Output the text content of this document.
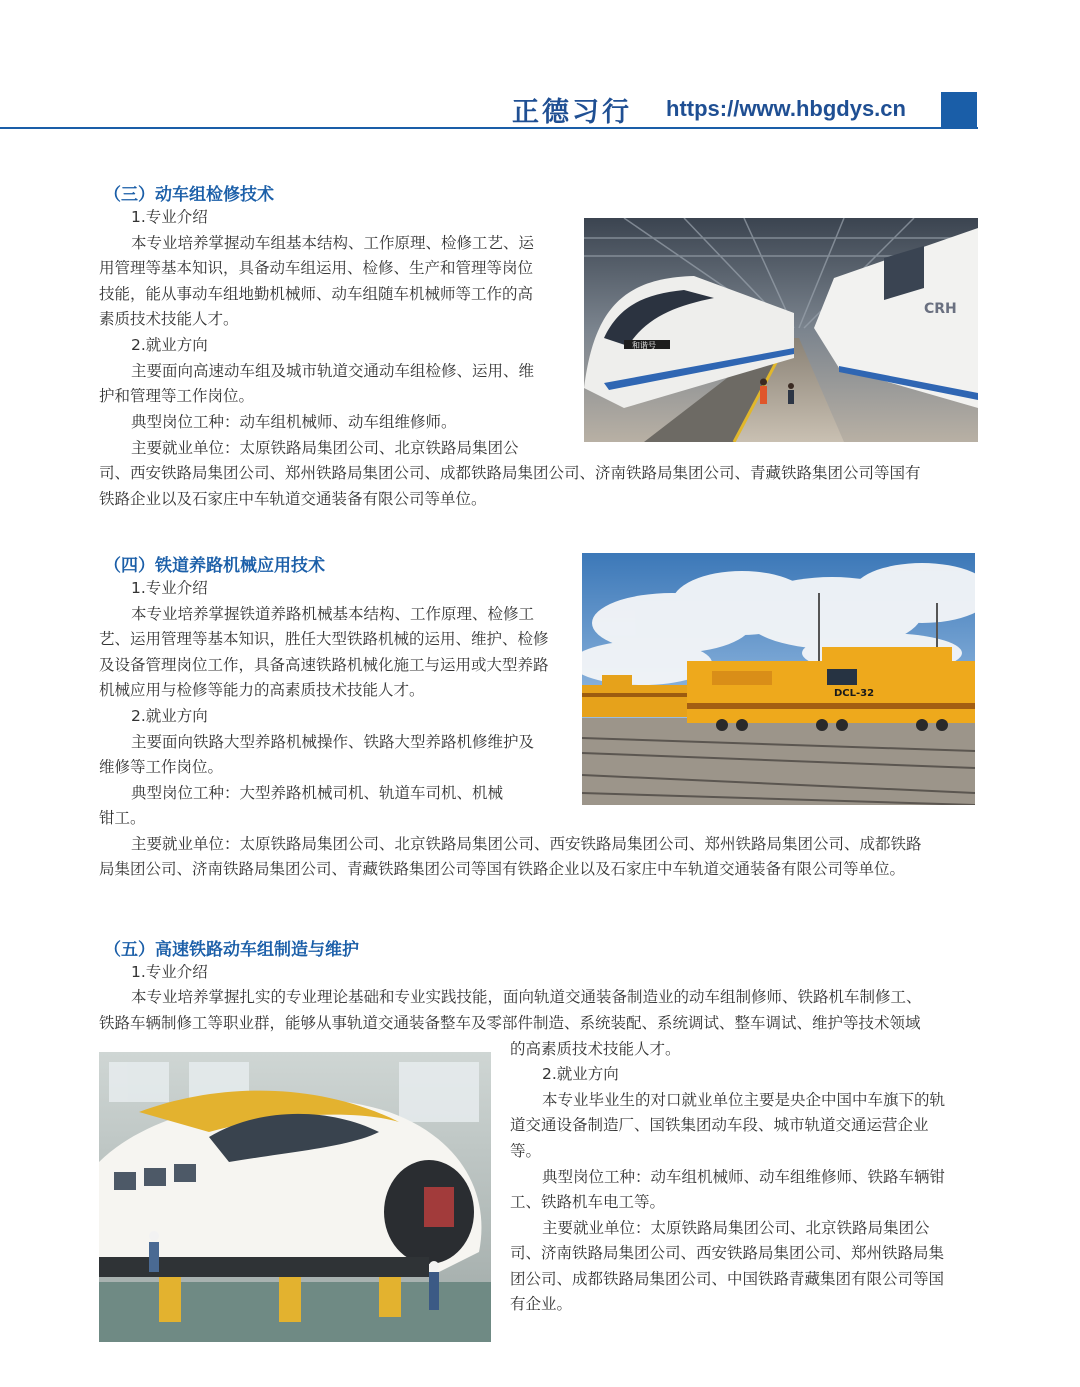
正德习行 https://www.hbgdys.cn
（三）动车组检修技术
1.专业介绍
本专业培养掌握动车组基本结构、工作原理、检修工艺、运
用管理等基本知识，具备动车组运用、检修、生产和管理等岗位
技能，能从事动车组地勤机械师、动车组随车机械师等工作的高
素质技术技能人才。
2.就业方向
主要面向高速动车组及城市轨道交通动车组检修、运用、维
护和管理等工作岗位。
典型岗位工种：动车组机械师、动车组维修师。
主要就业单位：太原铁路局集团公司、北京铁路局集团公
司、西安铁路局集团公司、郑州铁路局集团公司、成都铁路局集团公司、济南铁路局集团公司、青藏铁路集团公司等国有
铁路企业以及石家庄中车轨道交通装备有限公司等单位。
和谐号
CRH
（四）铁道养路机械应用技术
1.专业介绍
本专业培养掌握铁道养路机械基本结构、工作原理、检修工
艺、运用管理等基本知识，胜任大型铁路机械的运用、维护、检修
及设备管理岗位工作，具备高速铁路机械化施工与运用或大型养路
机械应用与检修等能力的高素质技术技能人才。
2.就业方向
主要面向铁路大型养路机械操作、铁路大型养路机修维护及
维修等工作岗位。
典型岗位工种：大型养路机械司机、轨道车司机、机械
钳工。
主要就业单位：太原铁路局集团公司、北京铁路局集团公司、西安铁路局集团公司、郑州铁路局集团公司、成都铁路
局集团公司、济南铁路局集团公司、青藏铁路集团公司等国有铁路企业以及石家庄中车轨道交通装备有限公司等单位。
DCL-32
（五）高速铁路动车组制造与维护
1.专业介绍
本专业培养掌握扎实的专业理论基础和专业实践技能，面向轨道交通装备制造业的动车组制修师、铁路机车制修工、
铁路车辆制修工等职业群，能够从事轨道交通装备整车及零部件制造、系统装配、系统调试、整车调试、维护等技术领域
的高素质技术技能人才。
2.就业方向
本专业毕业生的对口就业单位主要是央企中国中车旗下的轨
道交通设备制造厂、国铁集团动车段、城市轨道交通运营企业
等。
典型岗位工种：动车组机械师、动车组维修师、铁路车辆钳
工、铁路机车电工等。
主要就业单位：太原铁路局集团公司、北京铁路局集团公
司、济南铁路局集团公司、西安铁路局集团公司、郑州铁路局集
团公司、成都铁路局集团公司、中国铁路青藏集团有限公司等国
有企业。
